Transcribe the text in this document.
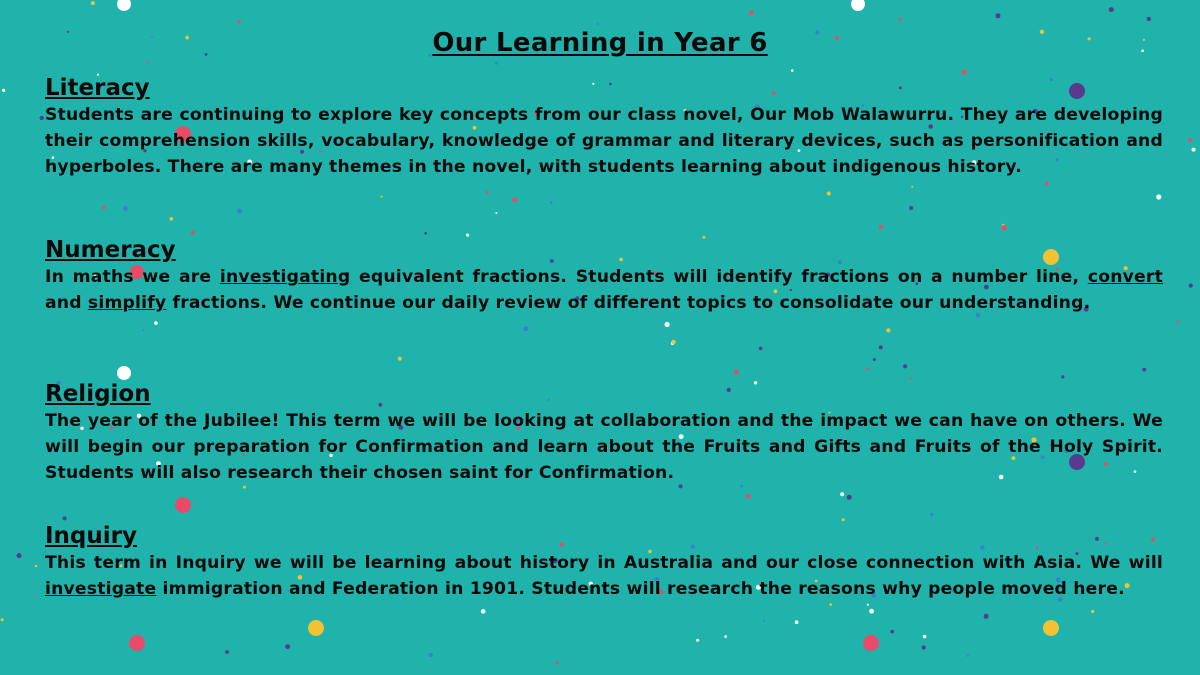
Our Learning in Year 6
Literacy

Students are continuing to explore key concepts from our class novel, Our Mob Walawurru. They are developing their comprehension skills, vocabulary, knowledge of grammar and literary devices, such as personification and hyperboles. There are many themes in the novel, with students learning about indigenous history.

Numeracy

In maths we are investigating equivalent fractions. Students will identify fractions on a number line, convert and simplify fractions. We continue our daily review of different topics to consolidate our understanding.

Religion

The year of the Jubilee! This term we will be looking at collaboration and the impact we can have on others. We will begin our preparation for Confirmation and learn about the Fruits and Gifts and Fruits of the Holy Spirit. Students will also research their chosen saint for Confirmation.

Inquiry

This term in Inquiry we will be learning about history in Australia and our close connection with Asia. We will investigate immigration and Federation in 1901. Students will research the reasons why people moved here.
